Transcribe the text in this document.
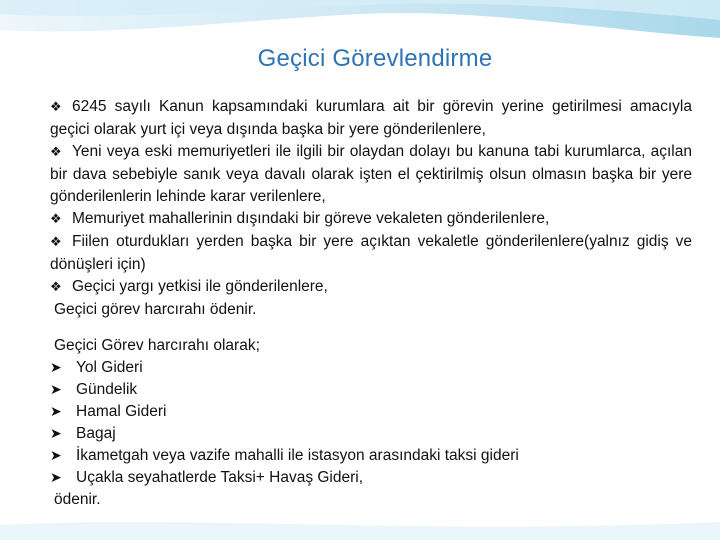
Geçici Görevlendirme

❖ 6245 sayılı Kanun kapsamındaki kurumlara ait bir görevin yerine getirilmesi amacıyla geçici olarak yurt içi veya dışında başka bir yere gönderilenlere,

❖ Yeni veya eski memuriyetleri ile ilgili bir olaydan dolayı bu kanuna tabi kurumlarca, açılan bir dava sebebiyle sanık veya davalı olarak işten el çektirilmiş olsun olmasın başka bir yere gönderilenlerin lehinde karar verilenlere,

❖ Memuriyet mahallerinin dışındaki bir göreve vekaleten gönderilenlere,

❖ Fiilen oturdukları yerden başka bir yere açıktan vekaletle gönderilenlere(yalnız gidiş ve dönüşleri için)

❖ Geçici yargı yetkisi ile gönderilenlere,

Geçici görev harcırahı ödenir.

Geçici Görev harcırahı olarak;

➤ Yol Gideri

➤ Gündelik

➤ Hamal Gideri

➤ Bagaj

➤ İkametgah veya vazife mahalli ile istasyon arasındaki taksi gideri

➤ Uçakla seyahatlerde Taksi+ Havaş Gideri,

ödenir.
